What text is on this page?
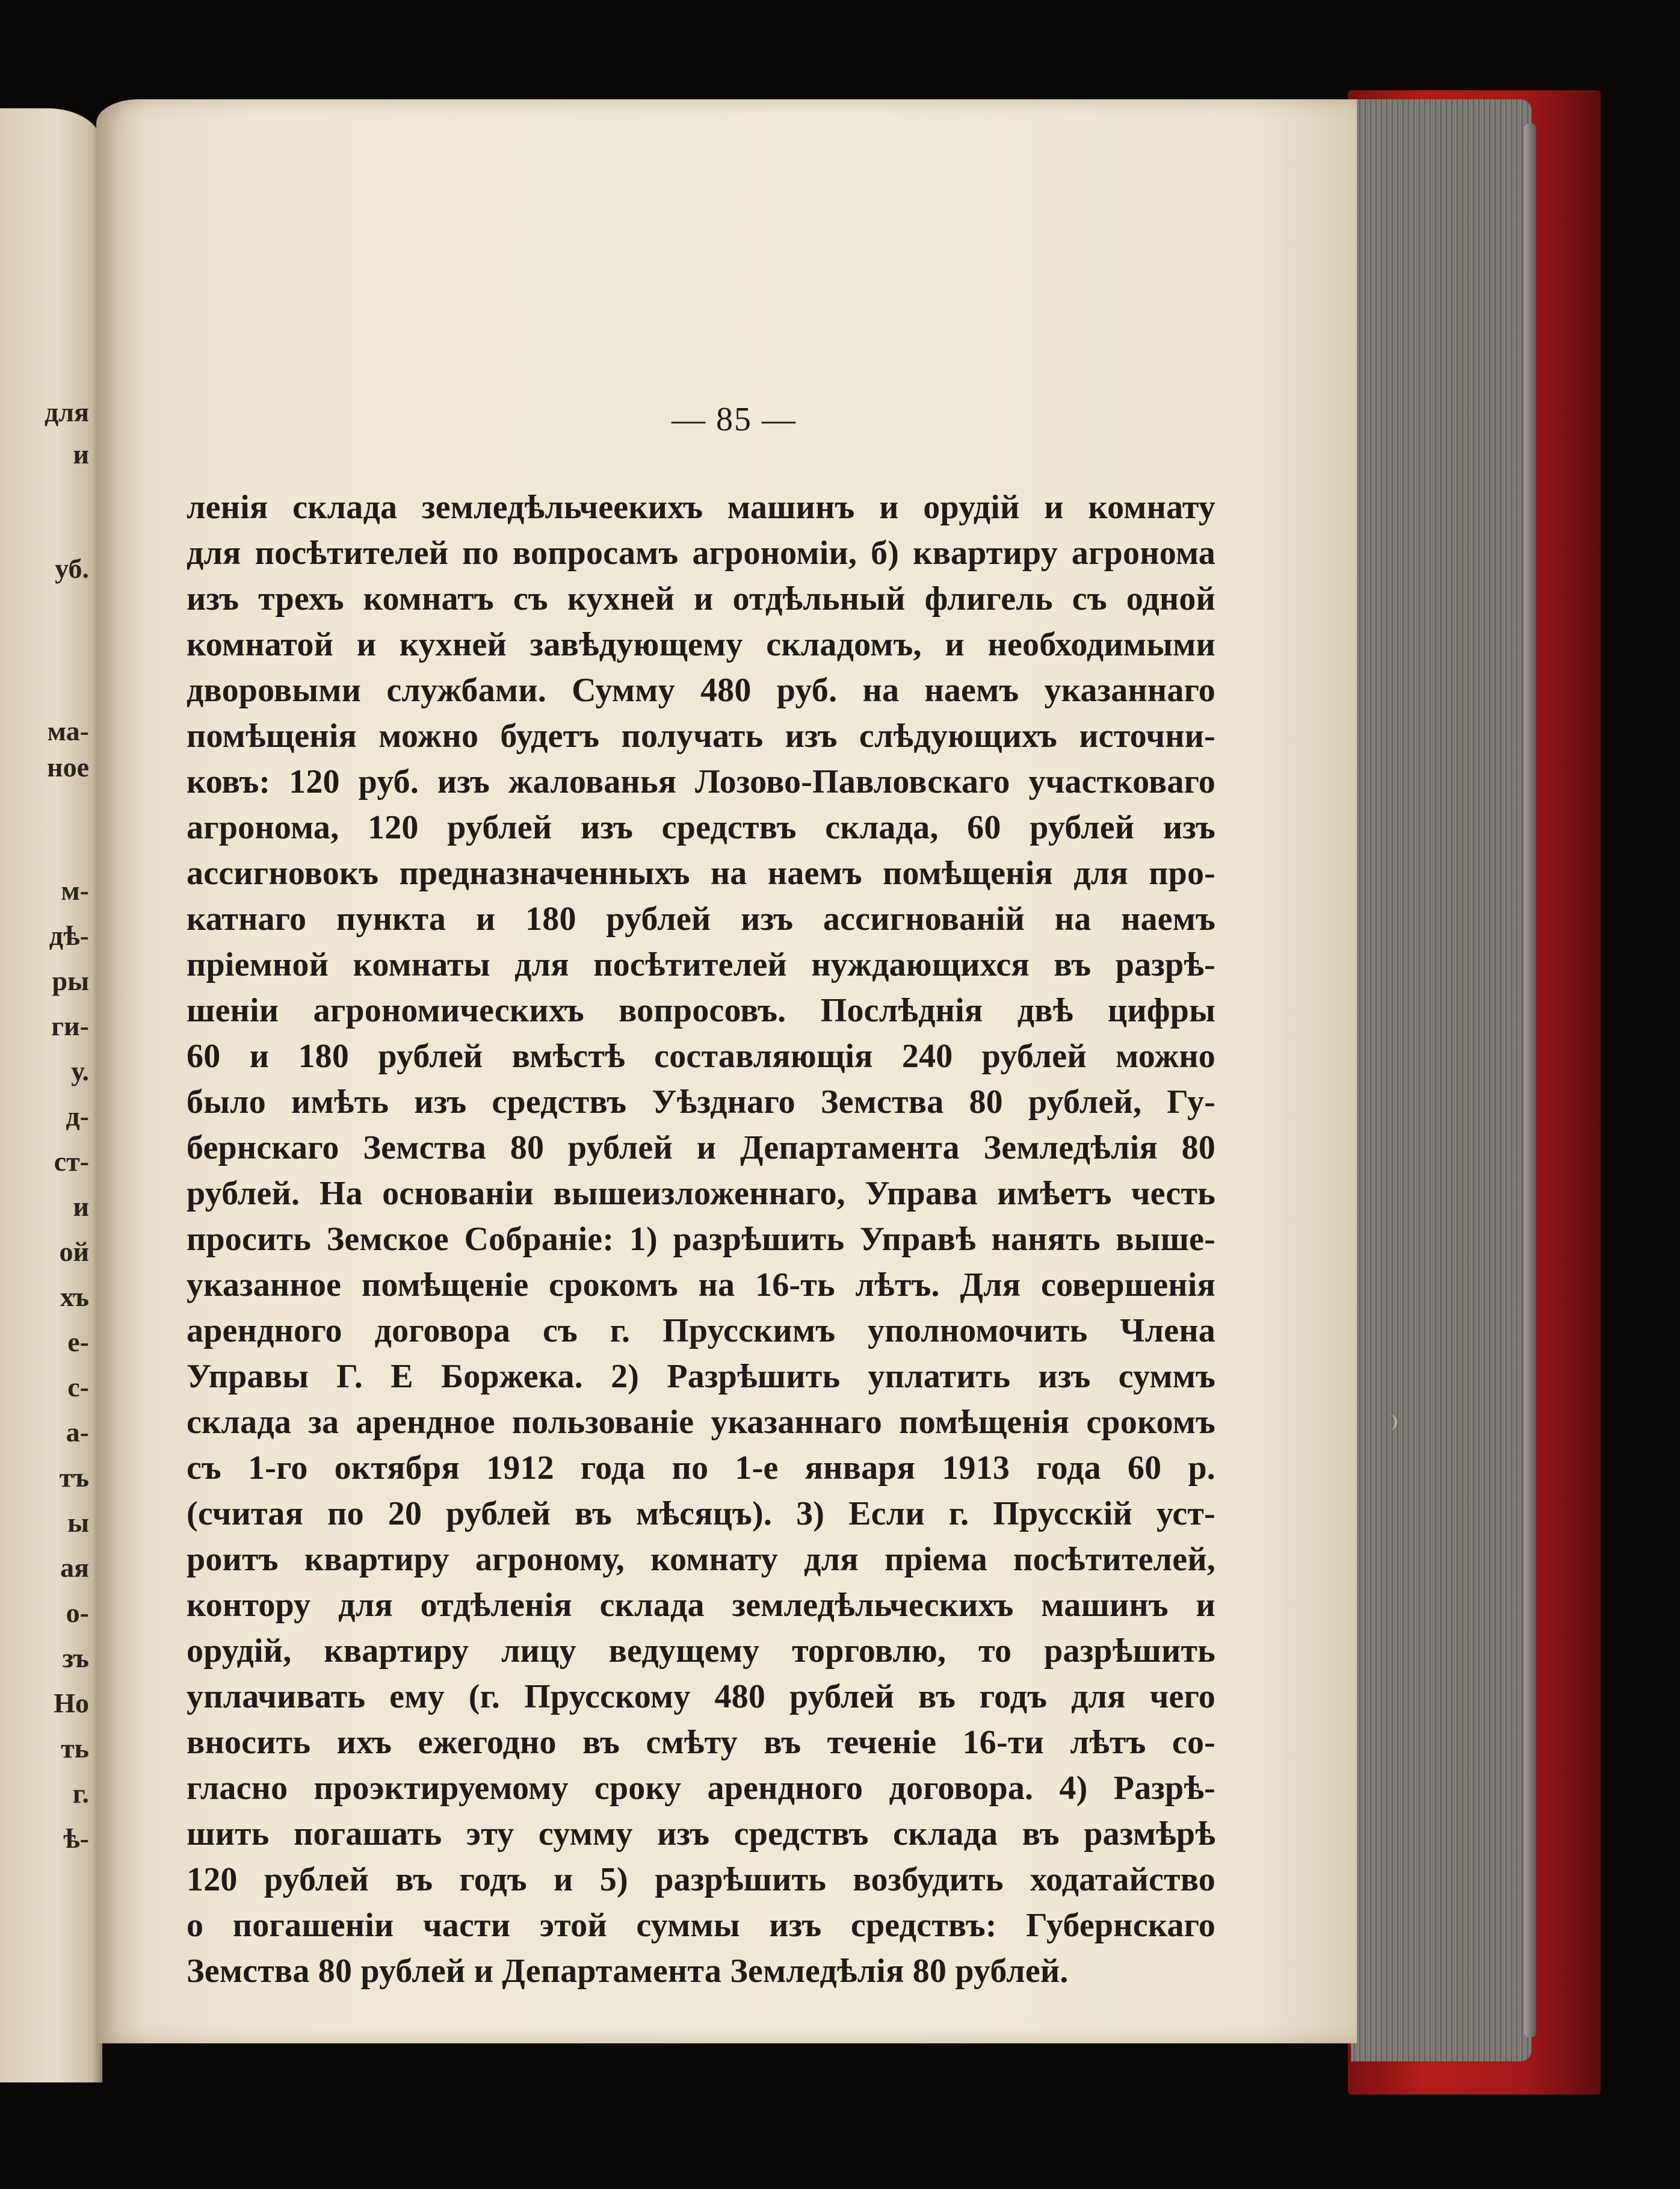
для
и
уб.
ма-
ное
м-
дѣ-
ры
ги-
у.
д-
ст-
и
ой
хъ
е-
с-
а-
тъ
ы
ая
о-
зъ
Но
ть
г.
ѣ-
— 85 —
ленія склада земледѣльчеекихъ машинъ и орудій и комнату
для посѣтителей по вопросамъ агрономіи, б) квартиру агронома
изъ трехъ комнатъ съ кухней и отдѣльный флигель съ одной
комнатой и кухней завѣдующему складомъ, и необходимыми
дворовыми службами. Сумму 480 руб. на наемъ указаннаго
помѣщенія можно будетъ получать изъ слѣдующихъ источни-
ковъ: 120 руб. изъ жалованья Лозово-Павловскаго участковаго
агронома, 120 рублей изъ средствъ склада, 60 рублей изъ
ассигновокъ предназначенныхъ на наемъ помѣщенія для про-
катнаго пункта и 180 рублей изъ ассигнованій на наемъ
пріемной комнаты для посѣтителей нуждающихся въ разрѣ-
шеніи агрономическихъ вопросовъ. Послѣднія двѣ цифры
60 и 180 рублей вмѣстѣ составляющія 240 рублей можно
было имѣть изъ средствъ Уѣзднаго Земства 80 рублей, Гу-
бернскаго Земства 80 рублей и Департамента Земледѣлія 80
рублей. На основаніи вышеизложеннаго, Управа имѣетъ честь
просить Земское Собраніе: 1) разрѣшить Управѣ нанять выше-
указанное помѣщеніе срокомъ на 16-ть лѣтъ. Для совершенія
арендного договора съ г. Прусскимъ уполномочить Члена
Управы Г. Е Боржека. 2) Разрѣшить уплатить изъ суммъ
склада за арендное пользованіе указаннаго помѣщенія срокомъ
съ 1-го октября 1912 года по 1-е января 1913 года 60 р.
(считая по 20 рублей въ мѣсяцъ). 3) Если г. Прусскій уст-
роитъ квартиру агроному, комнату для пріема посѣтителей,
контору для отдѣленія склада земледѣльческихъ машинъ и
орудій, квартиру лицу ведущему торговлю, то разрѣшить
уплачивать ему (г. Прусскому 480 рублей въ годъ для чего
вносить ихъ ежегодно въ смѣту въ теченіе 16-ти лѣтъ со-
гласно проэктируемому сроку арендного договора. 4) Разрѣ-
шить погашать эту сумму изъ средствъ склада въ размѣрѣ
120 рублей въ годъ и 5) разрѣшить возбудить ходатайство
о погашеніи части этой суммы изъ средствъ: Губернскаго
Земства 80 рублей и Департамента Земледѣлія 80 рублей.
